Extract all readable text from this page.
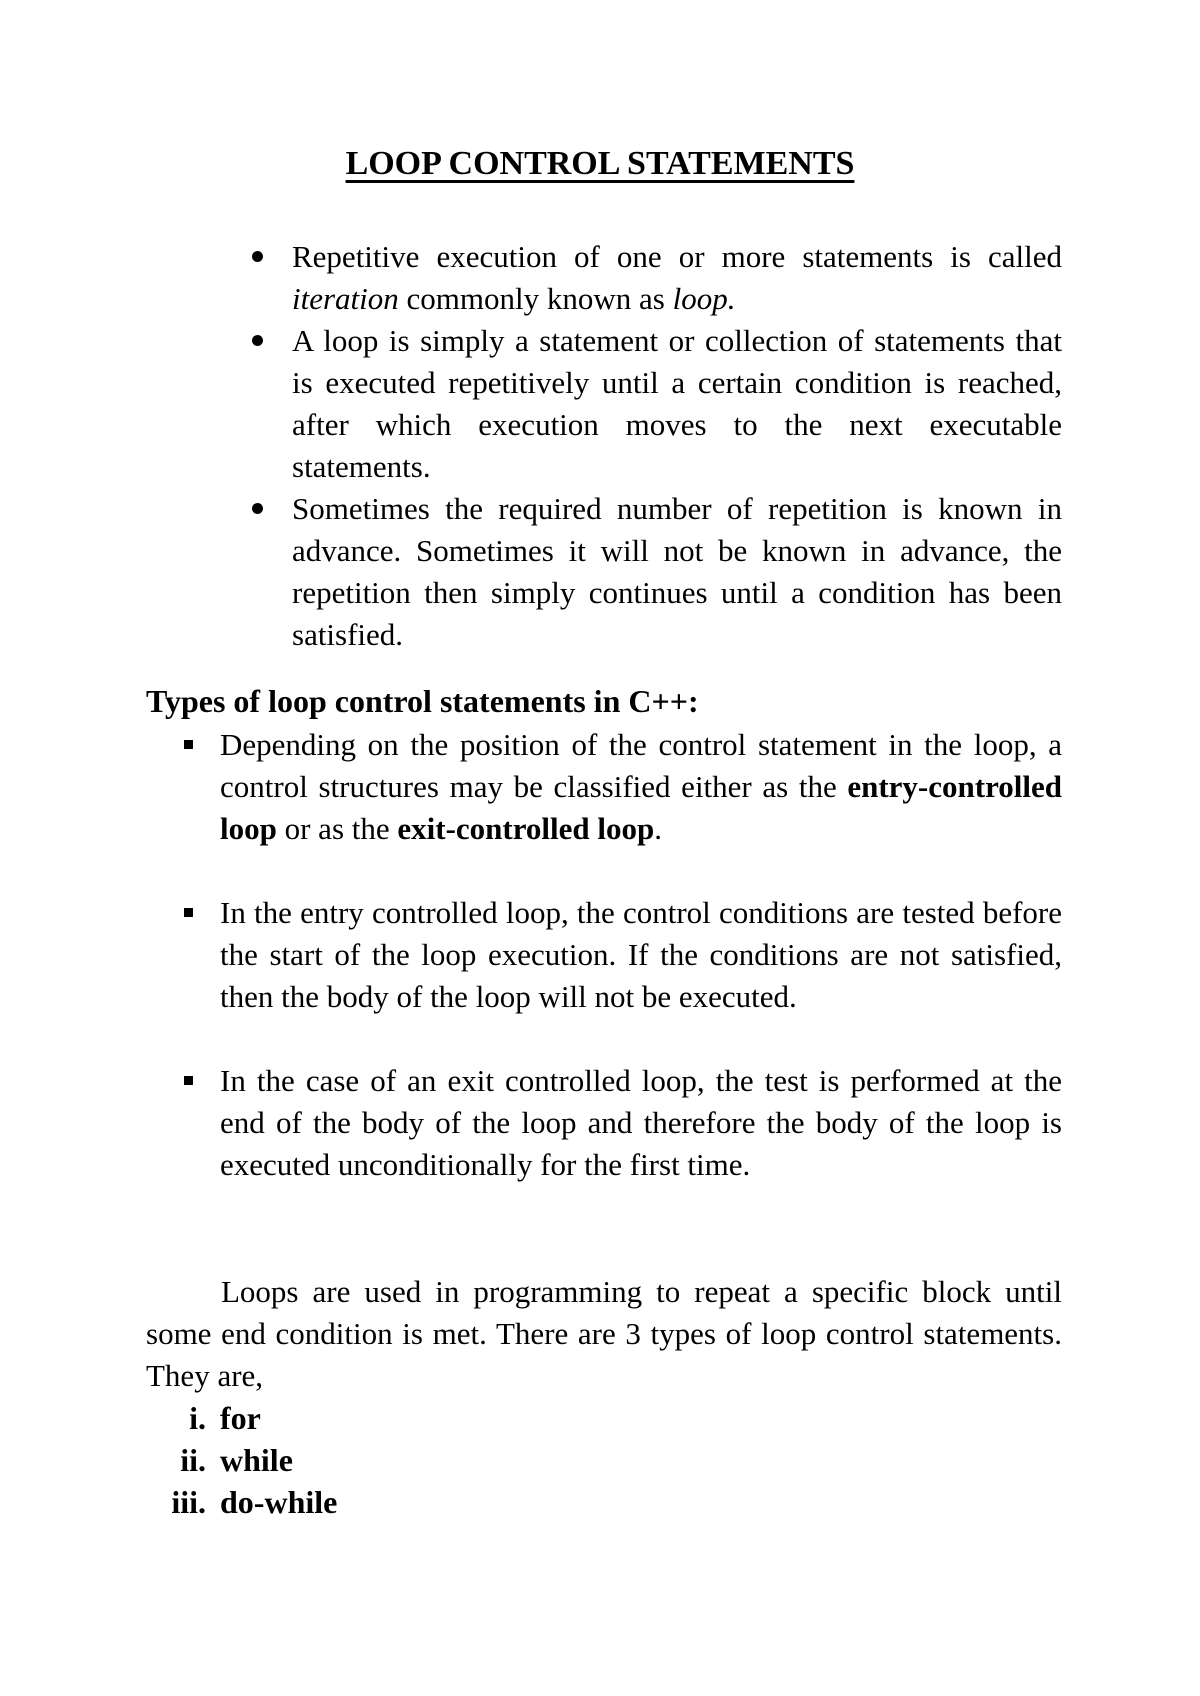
LOOP CONTROL STATEMENTS
Repetitive execution of one or more statements is called iteration commonly known as loop.
A loop is simply a statement or collection of statements that is executed repetitively until a certain condition is reached, after which execution moves to the next executable statements.
Sometimes the required number of repetition is known in advance. Sometimes it will not be known in advance, the repetition then simply continues until a condition has been satisfied.
Types of loop control statements in C++:
Depending on the position of the control statement in the loop, a control structures may be classified either as the entry-controlled loop or as the exit-controlled loop.
In the entry controlled loop, the control conditions are tested before the start of the loop execution. If the conditions are not satisfied, then the body of the loop will not be executed.
In the case of an exit controlled loop, the test is performed at the end of the body of the loop and therefore the body of the loop is executed unconditionally for the first time.

Loops are used in programming to repeat a specific block until some end condition is met. There are 3 types of loop control statements. They are,

i. for
ii. while
iii. do-while
